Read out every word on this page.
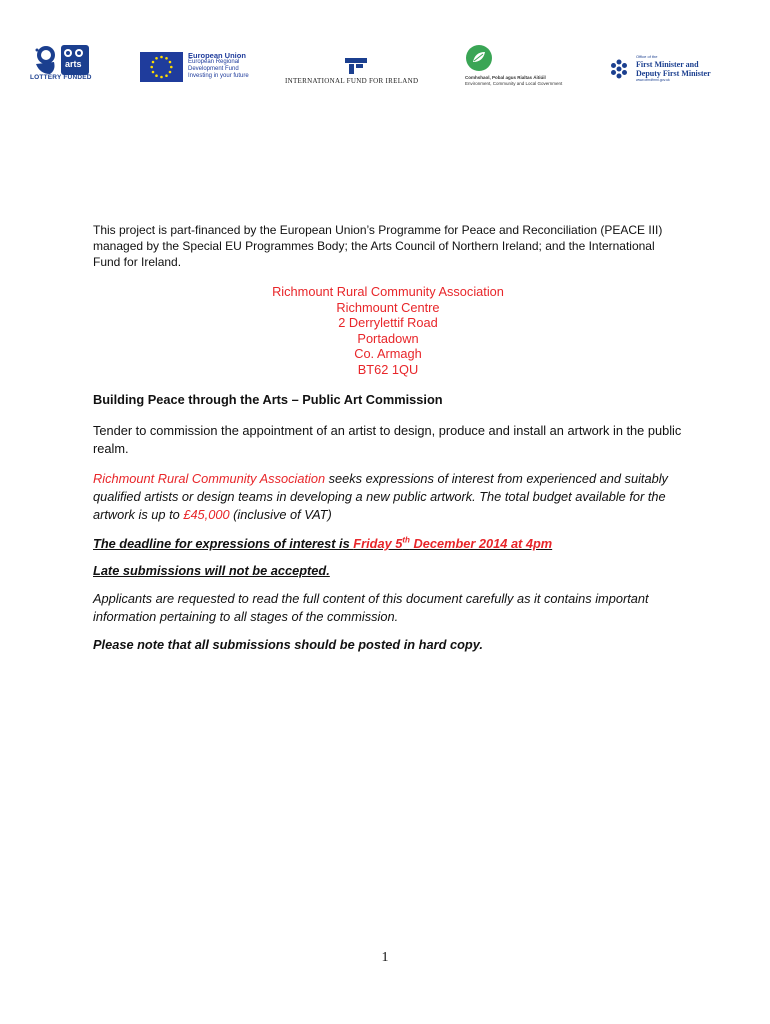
arts
LOTTERY FUNDED
European Union
European Regional
Development Fund
Investing in your future
INTERNATIONAL FUND FOR IRELAND	Comhshaol, Pobal agus Rialtas Áitiúil
Environment, Community and Local Government
Office of the
First Minister and
Deputy First Minister
www.ofmdfmni.gov.uk

This project is part-financed by the European Union’s Programme for Peace and Reconciliation (PEACE III) managed by the Special EU Programmes Body; the Arts Council of Northern Ireland; and the International Fund for Ireland.

Richmount Rural Community Association
Richmount Centre
2 Derrylettif Road
Portadown
Co. Armagh
BT62 1QU

Building Peace through the Arts – Public Art Commission

Tender to commission the appointment of an artist to design, produce and install an artwork in the public realm.

Richmount Rural Community Association seeks expressions of interest from experienced and suitably qualified artists or design teams in developing a new public artwork. The total budget available for the artwork is up to £45,000 (inclusive of VAT)

The deadline for expressions of interest is Friday 5th December 2014 at 4pm

Late submissions will not be accepted.

Applicants are requested to read the full content of this document carefully as it contains important information pertaining to all stages of the commission.

Please note that all submissions should be posted in hard copy.

1
